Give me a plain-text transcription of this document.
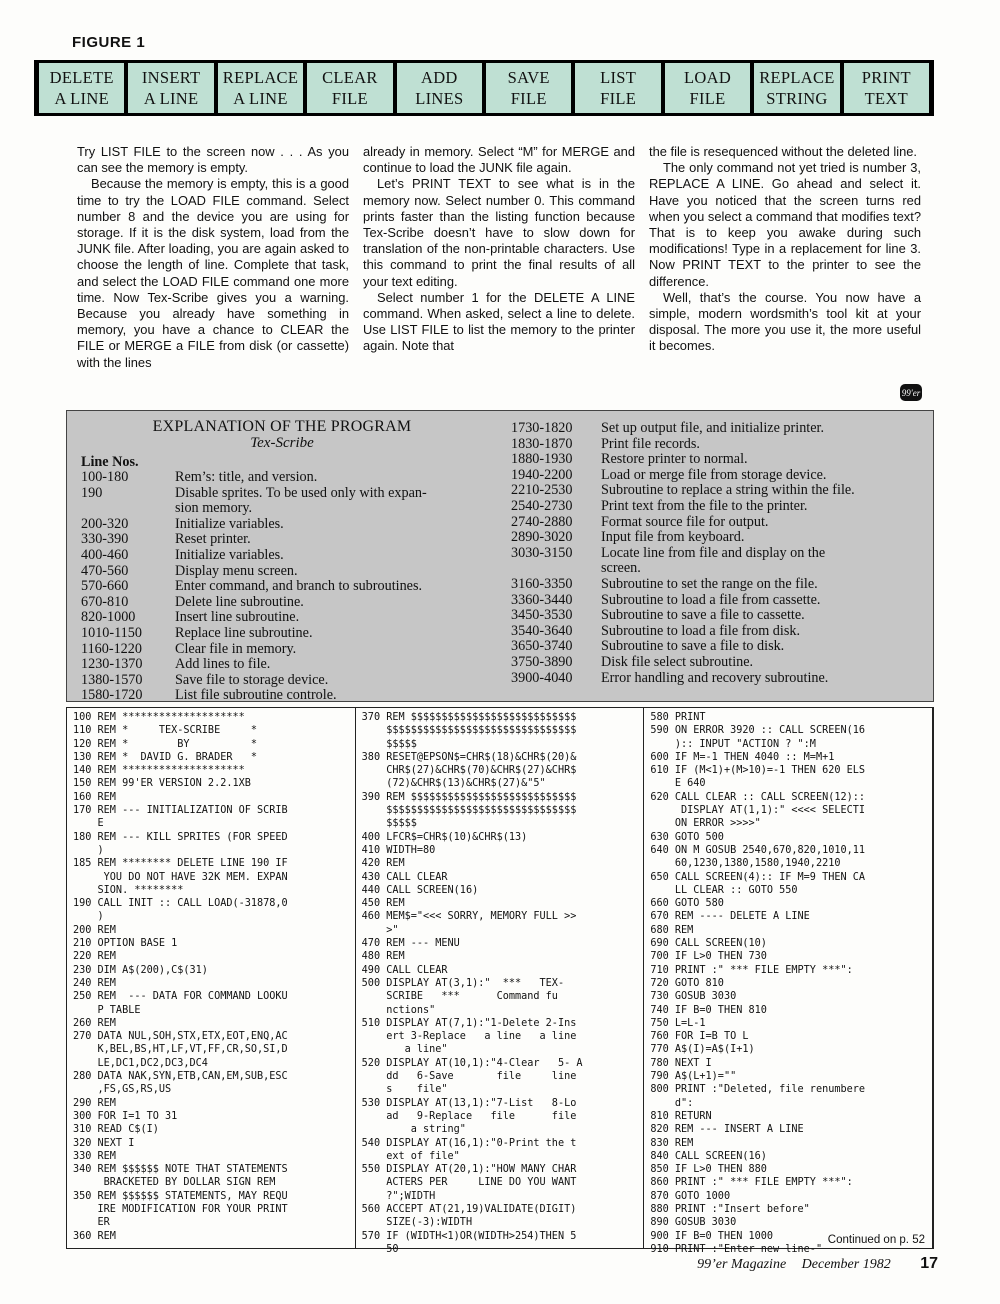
FIGURE 1
DELETE
A LINE
INSERT
A LINE
REPLACE
A LINE
CLEAR
FILE
ADD
LINES
SAVE
FILE
LIST
FILE
LOAD
FILE
REPLACE
STRING
PRINT
TEXT

Try LIST FILE to the screen now . . . As you can see the memory is empty.

Because the memory is empty, this is a good time to try the LOAD FILE command. Select number 8 and the device you are using for storage. If it is the disk system, load from the JUNK file. After loading, you are again asked to choose the length of line. Complete that task, and select the LOAD FILE command one more time. Now Tex-Scribe gives you a warning. Because you already have something in memory, you have a chance to CLEAR the FILE or MERGE a FILE from disk (or cassette) with the lines

already in memory. Select “M” for MERGE and continue to load the JUNK file again.

Let’s PRINT TEXT to see what is in the memory now. Select number 0. This command prints faster than the listing function because Tex-Scribe doesn’t have to slow down for translation of the non-printable characters. Use this command to print the final results of all your text editing.

Select number 1 for the DELETE A LINE command. When asked, select a line to delete. Use LIST FILE to list the memory to the printer again. Note that

the file is resequenced without the deleted line.

The only command not yet tried is number 3, REPLACE A LINE. Go ahead and select it. Have you noticed that the screen turns red when you select a command that modifies text? That is to keep you awake during such modifications! Type in a replacement for line 3. Now PRINT TEXT to the printer to see the difference.

Well, that’s the course. You now have a simple, modern wordsmith’s tool kit at your disposal. The more you use it, the more useful it becomes.

99'er
EXPLANATION OF THE PROGRAM
Tex-Scribe
Line Nos.
100-180	Rem’s: title, and version.
190	Disable sprites. To be used only with expan-
sion memory.
200-320	Initialize variables.
330-390	Reset printer.
400-460	Initialize variables.
470-560	Display menu screen.
570-660	Enter command, and branch to subroutines.
670-810	Delete line subroutine.
820-1000	Insert line subroutine.
1010-1150	Replace line subroutine.
1160-1220	Clear file in memory.
1230-1370	Add lines to file.
1380-1570	Save file to storage device.
1580-1720	List file subroutine controle.
1730-1820	Set up output file, and initialize printer.
1830-1870	Print file records.
1880-1930	Restore printer to normal.
1940-2200	Load or merge file from storage device.
2210-2530	Subroutine to replace a string within the file.
2540-2730	Print text from the file to the printer.
2740-2880	Format source file for output.
2890-3020	Input file from keyboard.
3030-3150	Locate line from file and display on the
screen.
3160-3350	Subroutine to set the range on the file.
3360-3440	Subroutine to load a file from cassette.
3450-3530	Subroutine to save a file to cassette.
3540-3640	Subroutine to load a file from disk.
3650-3740	Subroutine to save a file to disk.
3750-3890	Disk file select subroutine.
3900-4040	Error handling and recovery subroutine.
100 REM ********************
110 REM *     TEX-SCRIBE     *
120 REM *        BY          *
130 REM *  DAVID G. BRADER   *
140 REM ********************
150 REM 99'ER VERSION 2.2.1XB
160 REM
170 REM --- INITIALIZATION OF SCRIB
E
180 REM --- KILL SPRITES (FOR SPEED
)
185 REM ******** DELETE LINE 190 IF
YOU DO NOT HAVE 32K MEM. EXPAN
SION. ********
190 CALL INIT :: CALL LOAD(-31878,0
)
200 REM
210 OPTION BASE 1
220 REM
230 DIM A$(200),C$(31)
240 REM
250 REM  --- DATA FOR COMMAND LOOKU
P TABLE
260 REM
270 DATA NUL,SOH,STX,ETX,EOT,ENQ,AC
K,BEL,BS,HT,LF,VT,FF,CR,SO,SI,D
LE,DC1,DC2,DC3,DC4
280 DATA NAK,SYN,ETB,CAN,EM,SUB,ESC
,FS,GS,RS,US
290 REM
300 FOR I=1 TO 31
310 READ C$(I)
320 NEXT I
330 REM
340 REM $$$$$$ NOTE THAT STATEMENTS
BRACKETED BY DOLLAR SIGN REM
350 REM $$$$$$ STATEMENTS, MAY REQU
IRE MODIFICATION FOR YOUR PRINT
ER
360 REM
370 REM $$$$$$$$$$$$$$$$$$$$$$$$$$$
$$$$$$$$$$$$$$$$$$$$$$$$$$$$$$$
$$$$$
380 RESET@EPSON$=CHR$(18)&CHR$(20)&
CHR$(27)&CHR$(70)&CHR$(27)&CHR$
(72)&CHR$(13)&CHR$(27)&"5"
390 REM $$$$$$$$$$$$$$$$$$$$$$$$$$$
$$$$$$$$$$$$$$$$$$$$$$$$$$$$$$$
$$$$$
400 LFCR$=CHR$(10)&CHR$(13)
410 WIDTH=80
420 REM
430 CALL CLEAR
440 CALL SCREEN(16)
450 REM
460 MEM$="<<< SORRY, MEMORY FULL >>
>"
470 REM --- MENU
480 REM
490 CALL CLEAR
500 DISPLAY AT(3,1):"  ***   TEX-
SCRIBE   ***      Command fu
nctions"
510 DISPLAY AT(7,1):"1-Delete 2-Ins
ert 3-Replace   a line   a line
a line"
520 DISPLAY AT(10,1):"4-Clear   5- A
dd   6-Save       file     line
s    file"
530 DISPLAY AT(13,1):"7-List   8-Lo
ad   9-Replace   file      file
a string"
540 DISPLAY AT(16,1):"0-Print the t
ext of file"
550 DISPLAY AT(20,1):"HOW MANY CHAR
ACTERS PER     LINE DO YOU WANT
?";WIDTH
560 ACCEPT AT(21,19)VALIDATE(DIGIT)
SIZE(-3):WIDTH
570 IF (WIDTH<1)OR(WIDTH>254)THEN 5
50
580 PRINT
590 ON ERROR 3920 :: CALL SCREEN(16
):: INPUT "ACTION ? ":M
600 IF M=-1 THEN 4040 :: M=M+1
610 IF (M<1)+(M>10)=-1 THEN 620 ELS
E 640
620 CALL CLEAR :: CALL SCREEN(12)::
DISPLAY AT(1,1):" <<<< SELECTI
ON ERROR >>>>"
630 GOTO 500
640 ON M GOSUB 2540,670,820,1010,11
60,1230,1380,1580,1940,2210
650 CALL SCREEN(4):: IF M=9 THEN CA
LL CLEAR :: GOTO 550
660 GOTO 580
670 REM ---- DELETE A LINE
680 REM
690 CALL SCREEN(10)
700 IF L>0 THEN 730
710 PRINT :" *** FILE EMPTY ***":
720 GOTO 810
730 GOSUB 3030
740 IF B=0 THEN 810
750 L=L-1
760 FOR I=B TO L
770 A$(I)=A$(I+1)
780 NEXT I
790 A$(L+1)=""
800 PRINT :"Deleted, file renumbere
d":
810 RETURN
820 REM --- INSERT A LINE
830 REM
840 CALL SCREEN(16)
850 IF L>0 THEN 880
860 PRINT :" *** FILE EMPTY ***":
870 GOTO 1000
880 PRINT :"Insert before"
890 GOSUB 3030
900 IF B=0 THEN 1000
910 PRINT :"Enter new line-"
Continued on p. 52
99’er Magazine December 1982 17
